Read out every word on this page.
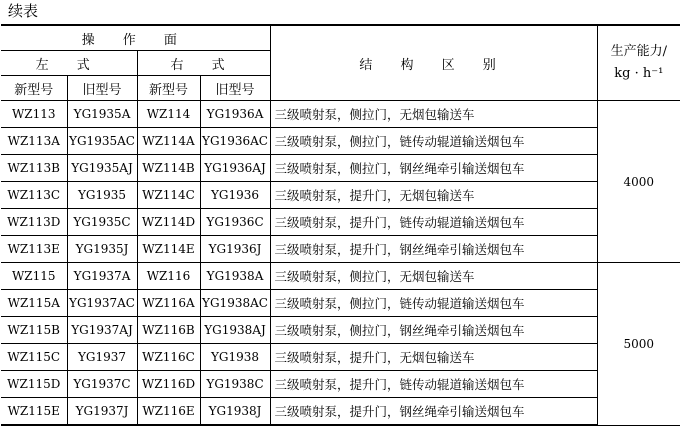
续表
操 作 面				结 构 区 别	生产能力/
kg · h⁻¹

左 式		右 式			
新型号	旧型号	新型号	旧型号		
WZ113	YG1935A	WZ114	YG1936A	三级喷射泵，侧拉门，无烟包输送车	4000
WZ113A	YG1935AC	WZ114A	YG1936AC	三级喷射泵，侧拉门，链传动辊道输送烟包车	
WZ113B	YG1935AJ	WZ114B	YG1936AJ	三级喷射泵，侧拉门，钢丝绳牵引输送烟包车	
WZ113C	YG1935	WZ114C	YG1936	三级喷射泵，提升门，无烟包输送车	
WZ113D	YG1935C	WZ114D	YG1936C	三级喷射泵，提升门，链传动辊道输送烟包车	
WZ113E	YG1935J	WZ114E	YG1936J	三级喷射泵，提升门，钢丝绳牵引输送烟包车	
WZ115	YG1937A	WZ116	YG1938A	三级喷射泵，侧拉门，无烟包输送车	5000
WZ115A	YG1937AC	WZ116A	YG1938AC	三级喷射泵，侧拉门，链传动辊道输送烟包车	
WZ115B	YG1937AJ	WZ116B	YG1938AJ	三级喷射泵，侧拉门，钢丝绳牵引输送烟包车	
WZ115C	YG1937	WZ116C	YG1938	三级喷射泵，提升门，无烟包输送车	
WZ115D	YG1937C	WZ116D	YG1938C	三级喷射泵，提升门，链传动辊道输送烟包车	
WZ115E	YG1937J	WZ116E	YG1938J	三级喷射泵，提升门，钢丝绳牵引输送烟包车	
